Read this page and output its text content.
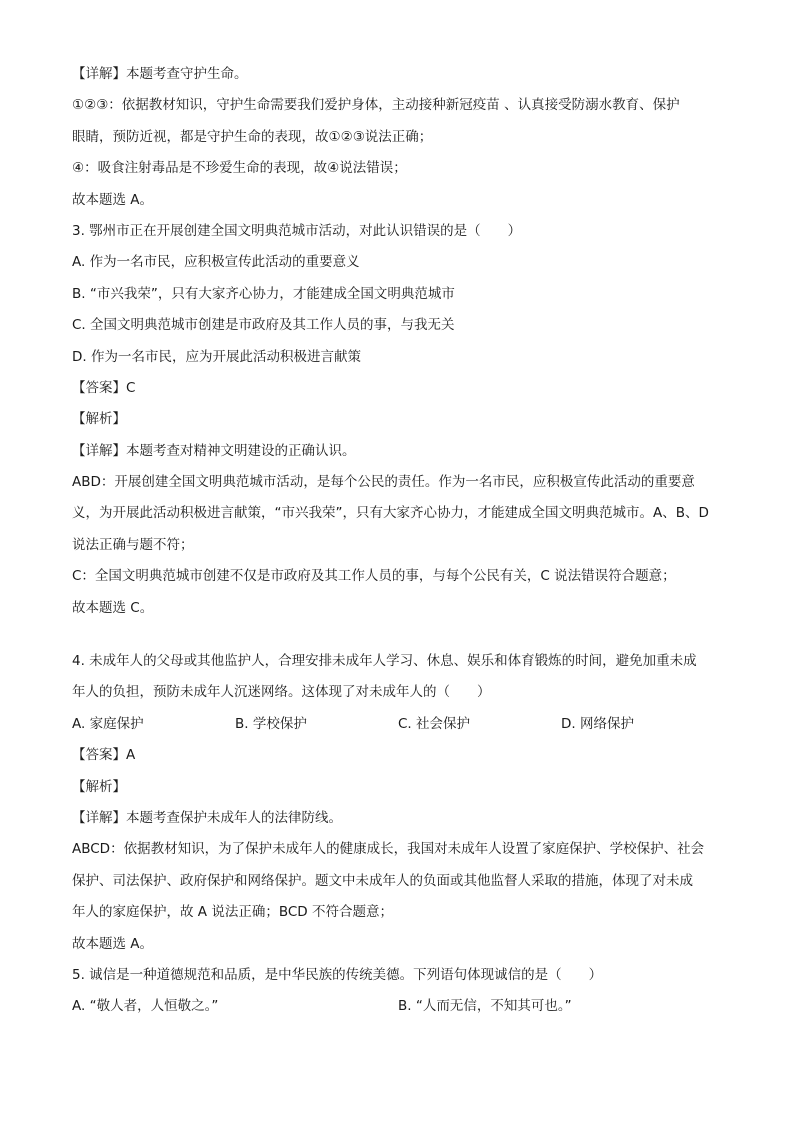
【详解】本题考查守护生命。
①②③：依据教材知识，守护生命需要我们爱护身体，主动接种新冠疫苗 、认真接受防溺水教育、保护
眼睛，预防近视，都是守护生命的表现，故①②③说法正确；
④：吸食注射毒品是不珍爱生命的表现，故④说法错误；
故本题选 A。
3. 鄂州市正在开展创建全国文明典范城市活动，对此认识错误的是（　　）
A. 作为一名市民，应积极宣传此活动的重要意义
B. “市兴我荣”，只有大家齐心协力，才能建成全国文明典范城市
C. 全国文明典范城市创建是市政府及其工作人员的事，与我无关
D. 作为一名市民，应为开展此活动积极进言献策
【答案】C
【解析】
【详解】本题考查对精神文明建设的正确认识。
ABD：开展创建全国文明典范城市活动，是每个公民的责任。作为一名市民，应积极宣传此活动的重要意
义，为开展此活动积极进言献策，“市兴我荣”，只有大家齐心协力，才能建成全国文明典范城市。A、B、D
说法正确与题不符；
C：全国文明典范城市创建不仅是市政府及其工作人员的事，与每个公民有关，C 说法错误符合题意；
故本题选 C。
4. 未成年人的父母或其他监护人，合理安排未成年人学习、休息、娱乐和体育锻炼的时间，避免加重未成
年人的负担，预防未成年人沉迷网络。这体现了对未成年人的（　　）
A. 家庭保护	B. 学校保护	C. 社会保护	D. 网络保护
【答案】A
【解析】
【详解】本题考查保护未成年人的法律防线。
ABCD：依据教材知识，为了保护未成年人的健康成长，我国对未成年人设置了家庭保护、学校保护、社会
保护、司法保护、政府保护和网络保护。题文中未成年人的负面或其他监督人采取的措施，体现了对未成
年人的家庭保护，故 A 说法正确；BCD 不符合题意；
故本题选 A。
5. 诚信是一种道德规范和品质，是中华民族的传统美德。下列语句体现诚信的是（　　）
A. “敬人者，人恒敬之。”	B. “人而无信，不知其可也。”
